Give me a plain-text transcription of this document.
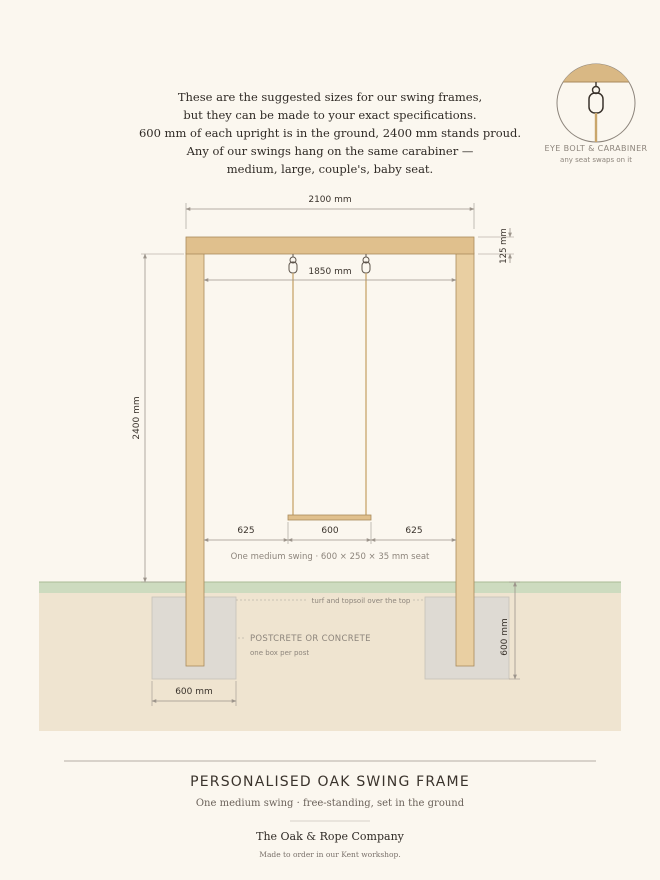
These are the suggested sizes for our swing frames,
but they can be made to your exact specifications.
600 mm of each upright is in the ground, 2400 mm stands proud.
Any of our swings hang on the same carabiner —
medium, large, couple's, baby seat.
EYE BOLT & CARABINER
any seat swaps on it
2100 mm
125 mm
1850 mm
2400 mm
625	600	625
One medium swing · 600 × 250 × 35 mm seat
turf and topsoil over the top
POSTCRETE OR CONCRETE
one box per post
600 mm
600 mm
PERSONALISED OAK SWING FRAME
One medium swing · free-standing, set in the ground
The Oak & Rope Company
Made to order in our Kent workshop.
